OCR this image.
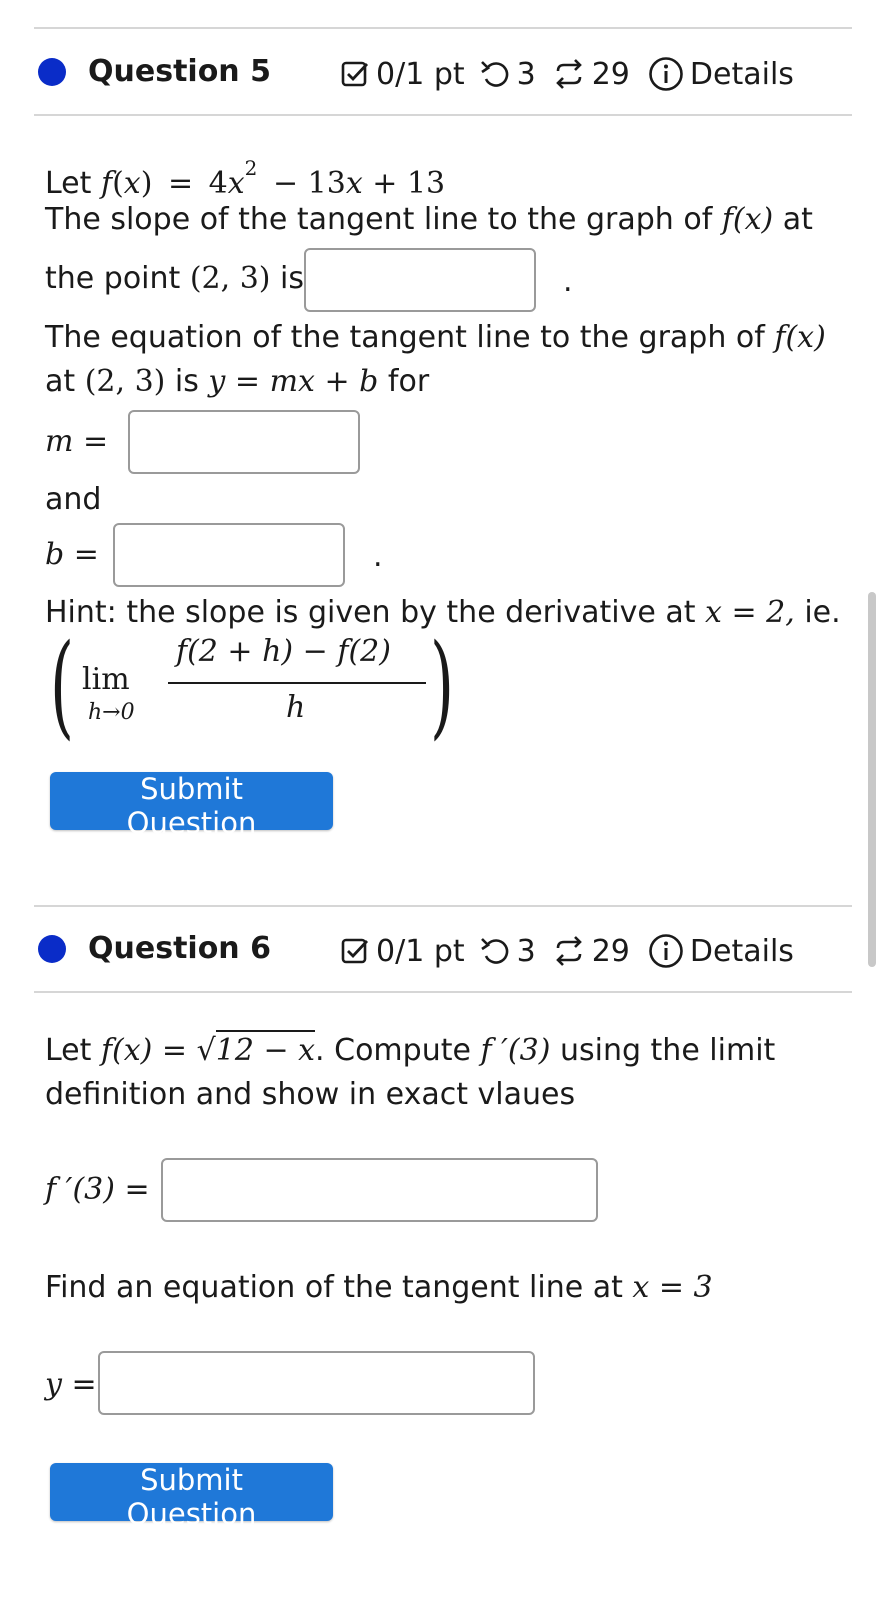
Question 5	0/1 pt 3 29 Details
Let $f(x) = 4x^2 - 13x + 13$
The slope of the tangent line to the graph of f(x) at
the point (2, 3) is	.
The equation of the tangent line to the graph of f(x)
at (2, 3) is y = mx + b for
m =
and
b =	.
Hint: the slope is given by the derivative at x = 2, ie.
( lim
h→0
f(2 + h) − f(2)
h )
Submit Question
Question 6	0/1 pt 3 29 Details
Let f(x) = √12 − x. Compute f ′(3) using the limit
definition and show in exact vlaues
f ′(3) =
Find an equation of the tangent line at x = 3
y =
Submit Question
